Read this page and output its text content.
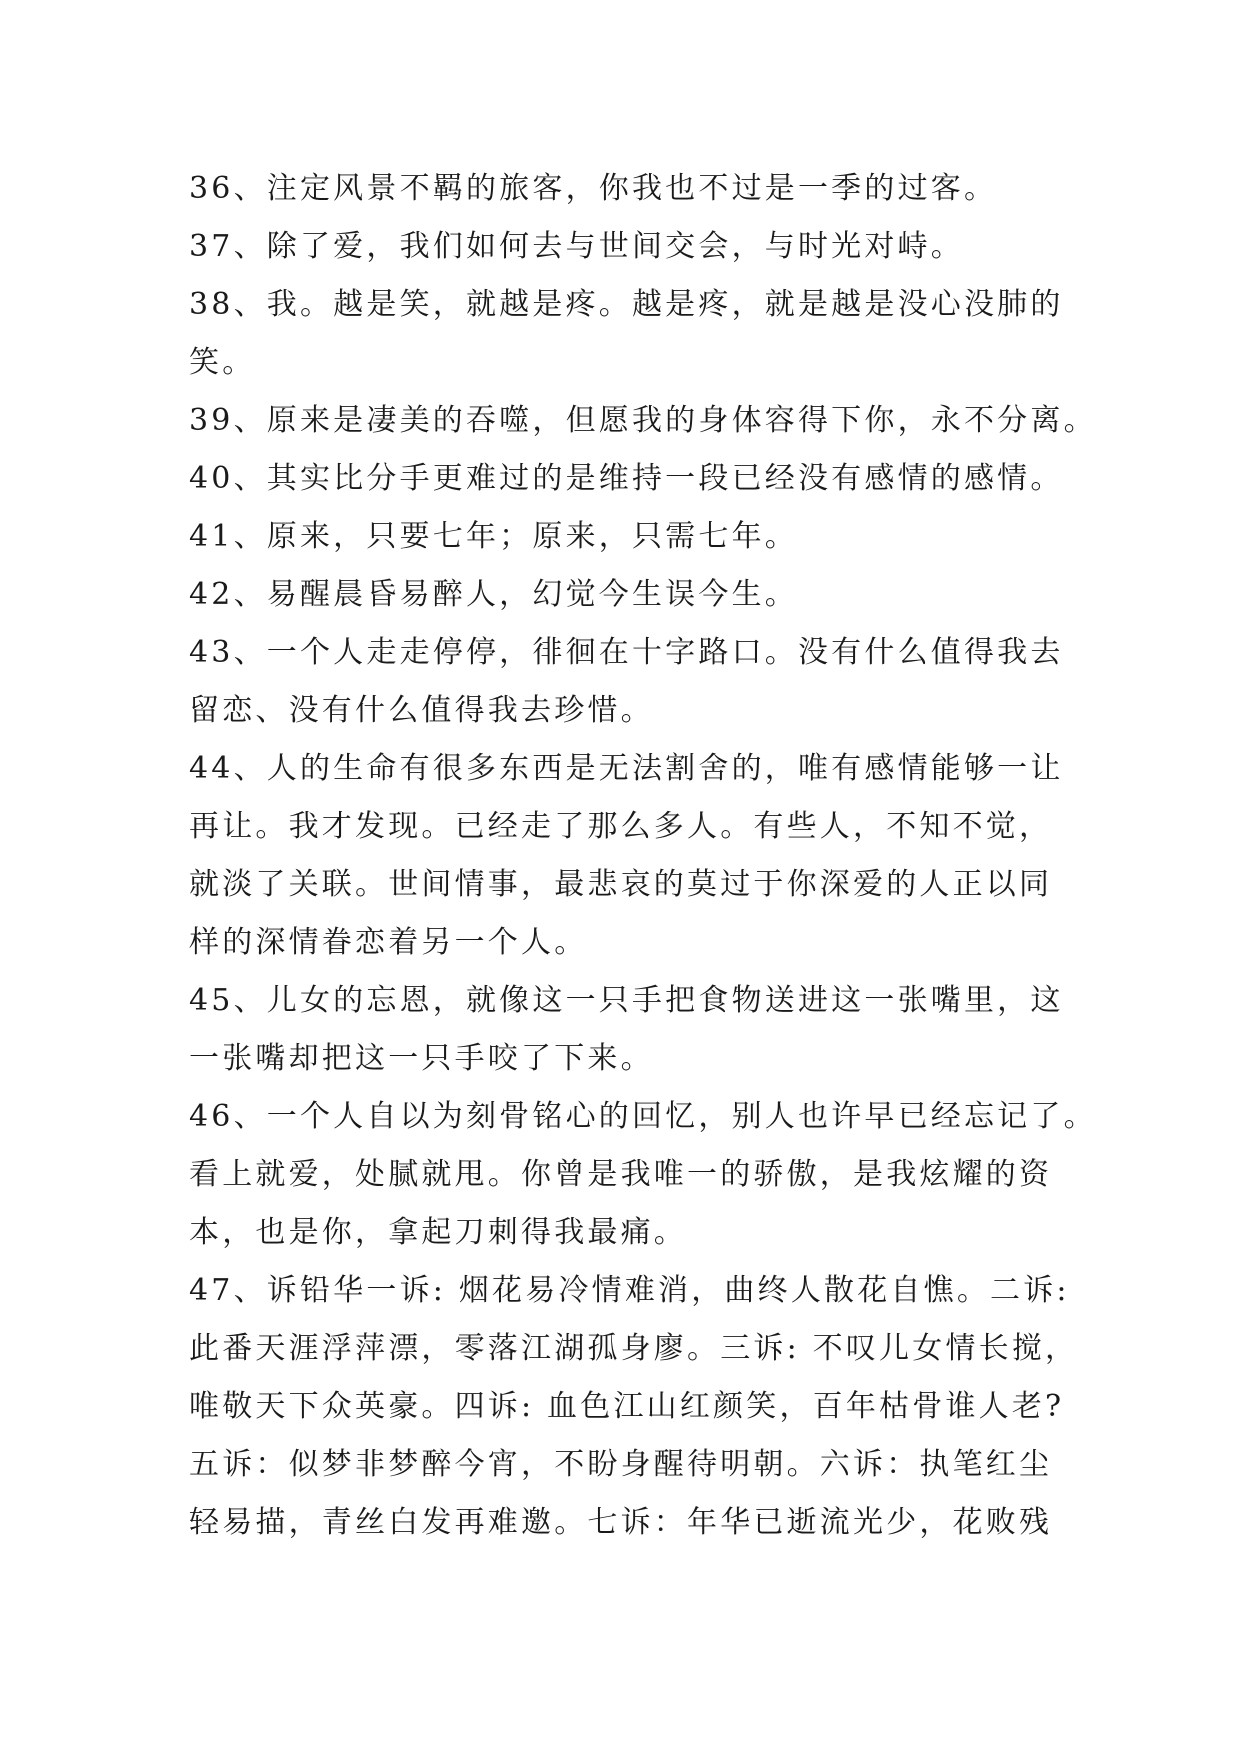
36、注定风景不羁的旅客，你我也不过是一季的过客。
37、除了爱，我们如何去与世间交会，与时光对峙。
38、我。越是笑，就越是疼。越是疼，就是越是没心没肺的
笑。
39、原来是凄美的吞噬，但愿我的身体容得下你，永不分离。
40、其实比分手更难过的是维持一段已经没有感情的感情。
41、原来，只要七年；原来，只需七年。
42、易醒晨昏易醉人，幻觉今生误今生。
43、一个人走走停停，徘徊在十字路口。没有什么值得我去
留恋、没有什么值得我去珍惜。
44、人的生命有很多东西是无法割舍的，唯有感情能够一让
再让。我才发现。已经走了那么多人。有些人，不知不觉，
就淡了关联。世间情事，最悲哀的莫过于你深爱的人正以同
样的深情眷恋着另一个人。
45、儿女的忘恩，就像这一只手把食物送进这一张嘴里，这
一张嘴却把这一只手咬了下来。
46、一个人自以为刻骨铭心的回忆，别人也许早已经忘记了。
看上就爱，处腻就甩。你曾是我唯一的骄傲，是我炫耀的资
本，也是你，拿起刀刺得我最痛。
47、诉铅华一诉: 烟花易冷情难消，曲终人散花自憔。二诉:
此番天涯浮萍漂，零落江湖孤身廖。三诉: 不叹儿女情长搅，
唯敬天下众英豪。四诉: 血色江山红颜笑，百年枯骨谁人老?
五诉：似梦非梦醉今宵，不盼身醒待明朝。六诉：执笔红尘
轻易描，青丝白发再难邀。七诉：年华已逝流光少，花败残
